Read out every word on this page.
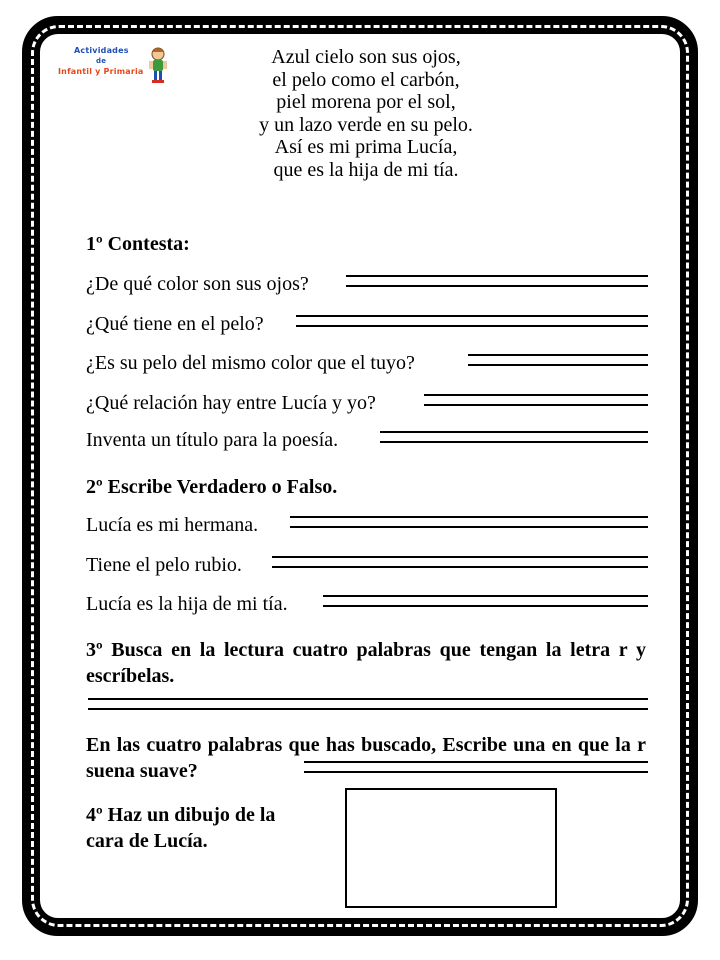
Actividades
de
Infantil y Primaria
Azul cielo son sus ojos,
el pelo como el carbón,
piel morena por el sol,
y un lazo verde en su pelo.
Así es mi prima Lucía,
que es la hija de mi tía.
1º Contesta:
¿De qué color son sus ojos?
¿Qué tiene en el pelo?
¿Es su pelo del mismo color que el tuyo?
¿Qué relación hay entre Lucía y yo?
Inventa un título para la poesía.
2º Escribe Verdadero o Falso.
Lucía es mi hermana.
Tiene el pelo rubio.
Lucía es la hija de mi tía.
3º Busca en la lectura cuatro palabras que tengan la letra r y escríbelas.
En las cuatro palabras que has buscado, Escribe una en que la r suena suave?
4º Haz un dibujo de la cara de Lucía.
